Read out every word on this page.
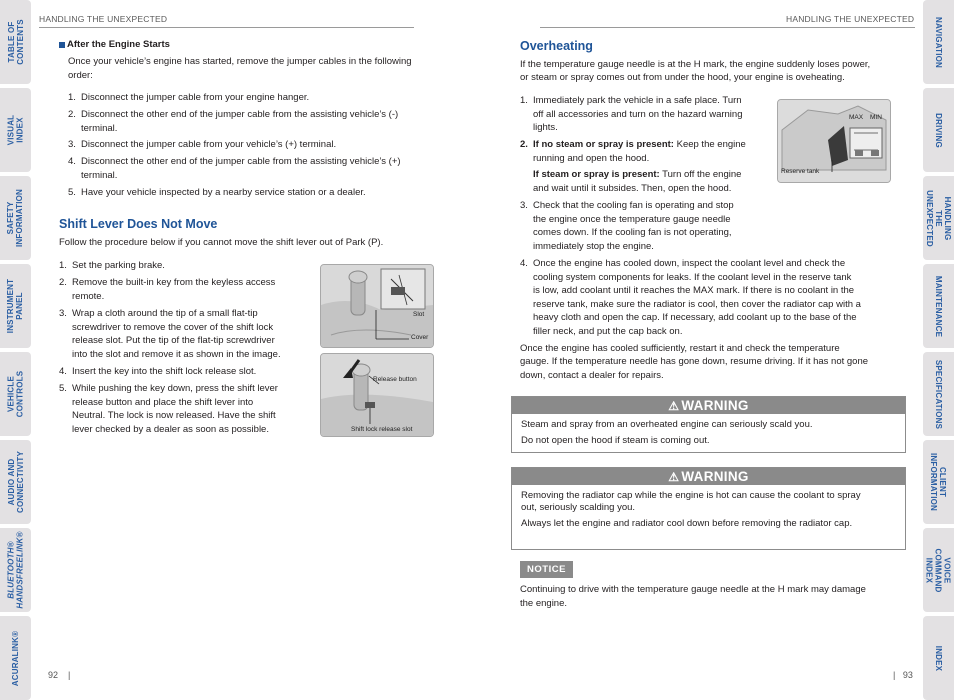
TABLE OF
CONTENTS
VISUAL INDEX
SAFETY
INFORMATION
INSTRUMENT
PANEL
VEHICLE
CONTROLS
AUDIO AND
CONNECTIVITY
BLUETOOTH®
HANDSFREELINK®
ACURALINK®
NAVIGATION
DRIVING
HANDLING THE
UNEXPECTED
MAINTENANCE
SPECIFICATIONS
CLIENT
INFORMATION
VOICE COMMAND
INDEX
INDEX
HANDLING THE UNEXPECTED	HANDLING THE UNEXPECTED
After the Engine Starts
Once your vehicle’s engine has started, remove the jumper cables in the following
order:
1. Disconnect the jumper cable from your engine hanger.
2. Disconnect the other end of the jumper cable from the assisting vehicle’s (-)
terminal.
3. Disconnect the jumper cable from your vehicle’s (+) terminal.
4. Disconnect the other end of the jumper cable from the assisting vehicle’s (+)
terminal.
5. Have your vehicle inspected by a nearby service station or a dealer.
Shift Lever Does Not Move
Follow the procedure below if you cannot move the shift lever out of Park (P).
1. Set the parking brake.
2. Remove the built-in key from the keyless access
remote.
3. Wrap a cloth around the tip of a small flat-tip
screwdriver to remove the cover of the shift lock
release slot. Put the tip of the flat-tip screwdriver
into the slot and remove it as shown in the image.
4. Insert the key into the shift lock release slot.
5. While pushing the key down, press the shift lever
release button and place the shift lever into
Neutral. The lock is now released. Have the shift
lever checked by a dealer as soon as possible.
Slot
Cover
Release button
Shift lock release slot
92    |
Overheating
If the temperature gauge needle is at the H mark, the engine suddenly loses power,
or steam or spray comes out from under the hood, your engine is oveheating.
1. Immediately park the vehicle in a safe place. Turn
off all accessories and turn on the hazard warning
lights.
2. If no steam or spray is present: Keep the engine
running and open the hood.
If steam or spray is present: Turn off the engine
and wait until it subsides. Then, open the hood.
3. Check that the cooling fan is operating and stop
the engine once the temperature gauge needle
comes down. If the cooling fan is not operating,
immediately stop the engine.
4. Once the engine has cooled down, inspect the coolant level and check the
cooling system components for leaks. If the coolant level in the reserve tank
is low, add coolant until it reaches the MAX mark. If there is no coolant in the
reserve tank, make sure the radiator is cool, then cover the radiator cap with a
heavy cloth and open the cap. If necessary, add coolant up to the base of the
filler neck, and put the cap back on.
Once the engine has cooled sufficiently, restart it and check the temperature
gauge. If the temperature needle has gone down, resume driving. If it has not gone
down, contact a dealer for repairs.
MAX MIN
Reserve tank
⚠ WARNING
Steam and spray from an overheated engine can seriously scald you.
Do not open the hood if steam is coming out.
⚠ WARNING
Removing the radiator cap while the engine is hot can cause the coolant to spray
out, seriously scalding you.
Always let the engine and radiator cool down before removing the radiator cap.
NOTICE
Continuing to drive with the temperature gauge needle at the H mark may damage
the engine.
|   93
